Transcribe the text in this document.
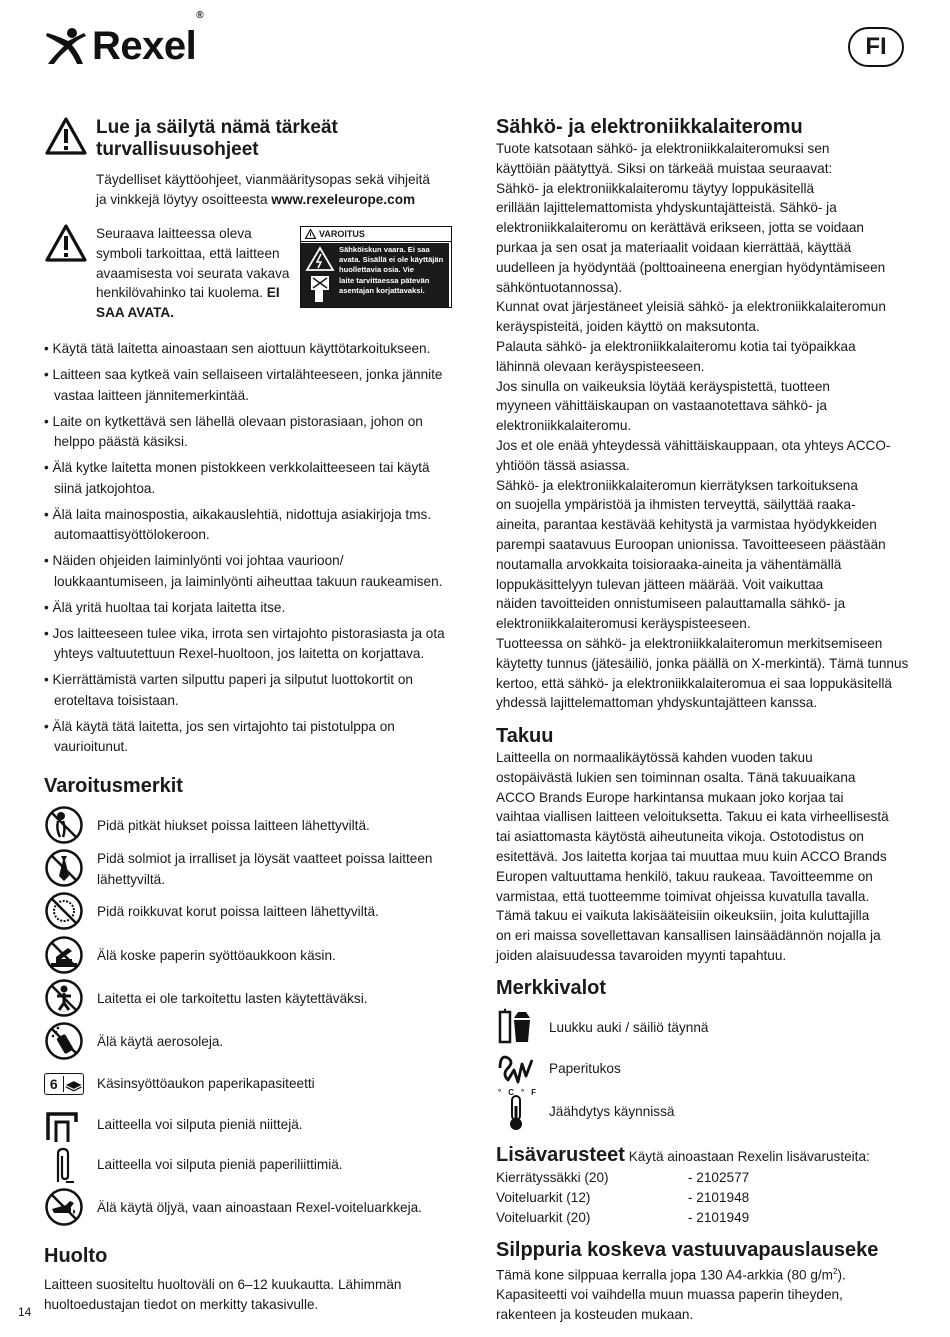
Rexel®
FI
Lue ja säilytä nämä tärkeät
turvallisuusohjeet
Täydelliset käyttöohjeet, vianmääritysopas sekä vihjeitä
ja vinkkejä löytyy osoitteesta www.rexeleurope.com
Seuraava laitteessa oleva
symboli tarkoittaa, että laitteen
avaamisesta voi seurata vakava
henkilövahinko tai kuolema. EI
SAA AVATA.
VAROITUS
Sähköiskun vaara. Ei saa
avata. Sisällä ei ole käyttäjän
huollettavia osia. Vie
laite tarvittaessa pätevän
asentajan korjattavaksi.
• Käytä tätä laitetta ainoastaan sen aiottuun käyttötarkoitukseen.
• Laitteen saa kytkeä vain sellaiseen virtalähteeseen, jonka jännite vastaa laitteen jännitemerkintää.
• Laite on kytkettävä sen lähellä olevaan pistorasiaan, johon on helppo päästä käsiksi.
• Älä kytke laitetta monen pistokkeen verkkolaitteeseen tai käytä siinä jatkojohtoa.
• Älä laita mainospostia, aikakauslehtiä, nidottuja asiakirjoja tms. automaattisyöttölokeroon.
• Näiden ohjeiden laiminlyönti voi johtaa vaurioon/ loukkaantumiseen, ja laiminlyönti aiheuttaa takuun raukeamisen.
• Älä yritä huoltaa tai korjata laitetta itse.
• Jos laitteeseen tulee vika, irrota sen virtajohto pistorasiasta ja ota yhteys valtuutettuun Rexel-huoltoon, jos laitetta on korjattava.
• Kierrättämistä varten silputtu paperi ja silputut luottokortit on eroteltava toisistaan.
• Älä käytä tätä laitetta, jos sen virtajohto tai pistotulppa on vaurioitunut.
Varoitusmerkit
Pidä pitkät hiukset poissa laitteen lähettyviltä.
Pidä solmiot ja irralliset ja löysät vaatteet poissa laitteen lähettyviltä.
Pidä roikkuvat korut poissa laitteen lähettyviltä.
Älä koske paperin syöttöaukkoon käsin.
Laitetta ei ole tarkoitettu lasten käytettäväksi.
Älä käytä aerosoleja.
6	Käsinsyöttöaukon paperikapasiteetti
Laitteella voi silputa pieniä niittejä.
Laitteella voi silputa pieniä paperiliittimiä.
Älä käytä öljyä, vaan ainoastaan Rexel-voiteluarkkeja.
Huolto
Laitteen suositeltu huoltoväli on 6–12 kuukautta. Lähimmän
huoltoedustajan tiedot on merkitty takasivulle.
14
Sähkö- ja elektroniikkalaiteromu
Tuote katsotaan sähkö- ja elektroniikkalaiteromuksi sen
käyttöiän päätyttyä. Siksi on tärkeää muistaa seuraavat:
Sähkö- ja elektroniikkalaiteromu täytyy loppukäsitellä
erillään lajittelemattomista yhdyskuntajätteistä. Sähkö- ja
elektroniikkalaiteromu on kerättävä erikseen, jotta se voidaan
purkaa ja sen osat ja materiaalit voidaan kierrättää, käyttää
uudelleen ja hyödyntää (polttoaineena energian hyödyntämiseen
sähköntuotannossa).
Kunnat ovat järjestäneet yleisiä sähkö- ja elektroniikkalaiteromun
keräyspisteitä, joiden käyttö on maksutonta.
Palauta sähkö- ja elektroniikkalaiteromu kotia tai työpaikkaa
lähinnä olevaan keräyspisteeseen.
Jos sinulla on vaikeuksia löytää keräyspistettä, tuotteen
myyneen vähittäiskaupan on vastaanotettava sähkö- ja
elektroniikkalaiteromu.
Jos et ole enää yhteydessä vähittäiskauppaan, ota yhteys ACCO-
yhtiöön tässä asiassa.
Sähkö- ja elektroniikkalaiteromun kierrätyksen tarkoituksena
on suojella ympäristöä ja ihmisten terveyttä, säilyttää raaka-
aineita, parantaa kestävää kehitystä ja varmistaa hyödykkeiden
parempi saatavuus Euroopan unionissa. Tavoitteeseen päästään
noutamalla arvokkaita toisioraaka-aineita ja vähentämällä
loppukäsittelyyn tulevan jätteen määrää. Voit vaikuttaa
näiden tavoitteiden onnistumiseen palauttamalla sähkö- ja
elektroniikkalaiteromusi keräyspisteeseen.
Tuotteessa on sähkö- ja elektroniikkalaiteromun merkitsemiseen
käytetty tunnus (jätesäiliö, jonka päällä on X-merkintä). Tämä tunnus
kertoo, että sähkö- ja elektroniikkalaiteromua ei saa loppukäsitellä
yhdessä lajittelemattoman yhdyskuntajätteen kanssa.
Takuu
Laitteella on normaalikäytössä kahden vuoden takuu
ostopäivästä lukien sen toiminnan osalta. Tänä takuuaikana
ACCO Brands Europe harkintansa mukaan joko korjaa tai
vaihtaa viallisen laitteen veloituksetta. Takuu ei kata virheellisestä
tai asiattomasta käytöstä aiheutuneita vikoja. Ostotodistus on
esitettävä. Jos laitetta korjaa tai muuttaa muu kuin ACCO Brands
Europen valtuuttama henkilö, takuu raukeaa. Tavoitteemme on
varmistaa, että tuotteemme toimivat ohjeissa kuvatulla tavalla.
Tämä takuu ei vaikuta lakisääteisiin oikeuksiin, joita kuluttajilla
on eri maissa sovellettavan kansallisen lainsäädännön nojalla ja
joiden alaisuudessa tavaroiden myynti tapahtuu.
Merkkivalot
Luukku auki / säiliö täynnä
Paperitukos
°C°F
Jäähdytys käynnissä
Lisävarusteet Käytä ainoastaan Rexelin lisävarusteita:
Kierrätyssäkki (20)	- 2102577
Voiteluarkit (12)	- 2101948
Voiteluarkit (20)	- 2101949
Silppuria koskeva vastuuvapauslauseke
Tämä kone silppuaa kerralla jopa 130 A4-arkkia (80 $g/m^2$).
Kapasiteetti voi vaihdella muun muassa paperin tiheyden,
rakenteen ja kosteuden mukaan.
